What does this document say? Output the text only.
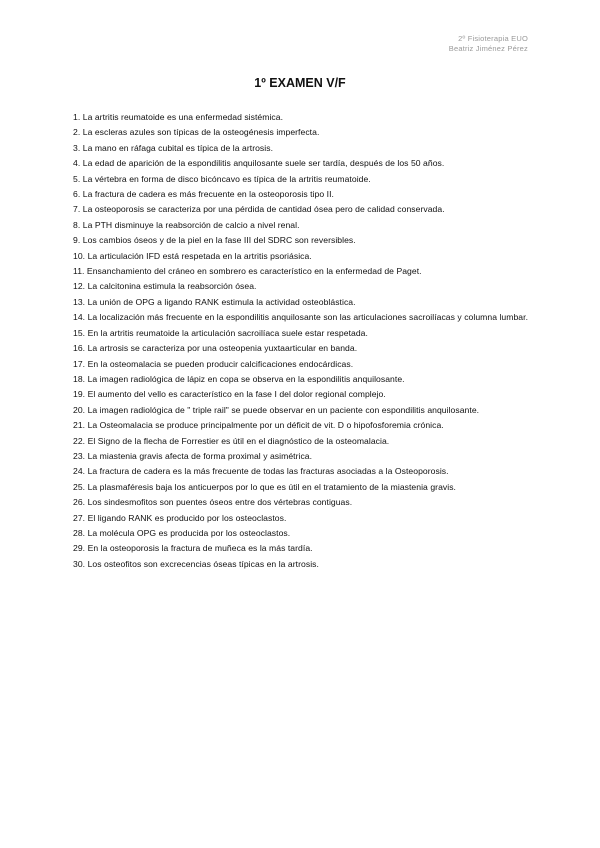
2º Fisioterapia EUO
Beatriz Jiménez Pérez
1º EXAMEN V/F
1. La artritis reumatoide es una enfermedad sistémica.
2. La escleras azules son típicas de la osteogénesis imperfecta.
3. La mano en ráfaga cubital es típica de la artrosis.
4. La edad de aparición de la espondilitis anquilosante suele ser tardía, después de los 50 años.
5. La vértebra en forma de disco bicóncavo es típica de la artritis reumatoide.
6. La fractura de cadera es más frecuente en la osteoporosis tipo II.
7. La osteoporosis se caracteriza por una pérdida de cantidad ósea pero de calidad conservada.
8. La PTH disminuye la reabsorción de calcio a nivel renal.
9. Los cambios óseos y de la piel en la fase III del SDRC son reversibles.
10. La articulación IFD está respetada en la artritis psoriásica.
11. Ensanchamiento del cráneo en sombrero es característico en la enfermedad de Paget.
12. La calcitonina estimula la reabsorción ósea.
13. La unión de OPG a ligando RANK estimula la actividad osteoblástica.
14. La localización más frecuente en la espondilitis anquilosante son las articulaciones sacroilíacas y columna lumbar.
15. En la artritis reumatoide la articulación sacroilíaca suele estar respetada.
16. La artrosis se caracteriza por una osteopenia yuxtaarticular en banda.
17. En la osteomalacia se pueden producir calcificaciones endocárdicas.
18. La imagen radiológica de lápiz en copa se observa en la espondilitis anquilosante.
19. El aumento del vello es característico en la fase I del dolor regional complejo.
20. La imagen radiológica de " triple rail" se puede observar en un paciente con espondilitis anquilosante.
21. La Osteomalacia se produce principalmente por un déficit de vit. D o hipofosforemia crónica.
22. El Signo de la flecha de Forrestier es útil en el diagnóstico de la osteomalacia.
23. La miastenia gravis afecta de forma proximal y asimétrica.
24. La fractura de cadera es la más frecuente de todas las fracturas asociadas a la Osteoporosis.
25. La plasmaféresis baja los anticuerpos por lo que es útil en el tratamiento de la miastenia gravis.
26. Los sindesmofitos son puentes óseos entre dos vértebras contiguas.
27. El ligando RANK es producido por los osteoclastos.
28. La molécula OPG es producida por los osteoclastos.
29. En la osteoporosis la fractura de muñeca es la más tardía.
30. Los osteofitos son excrecencias óseas típicas en la artrosis.
